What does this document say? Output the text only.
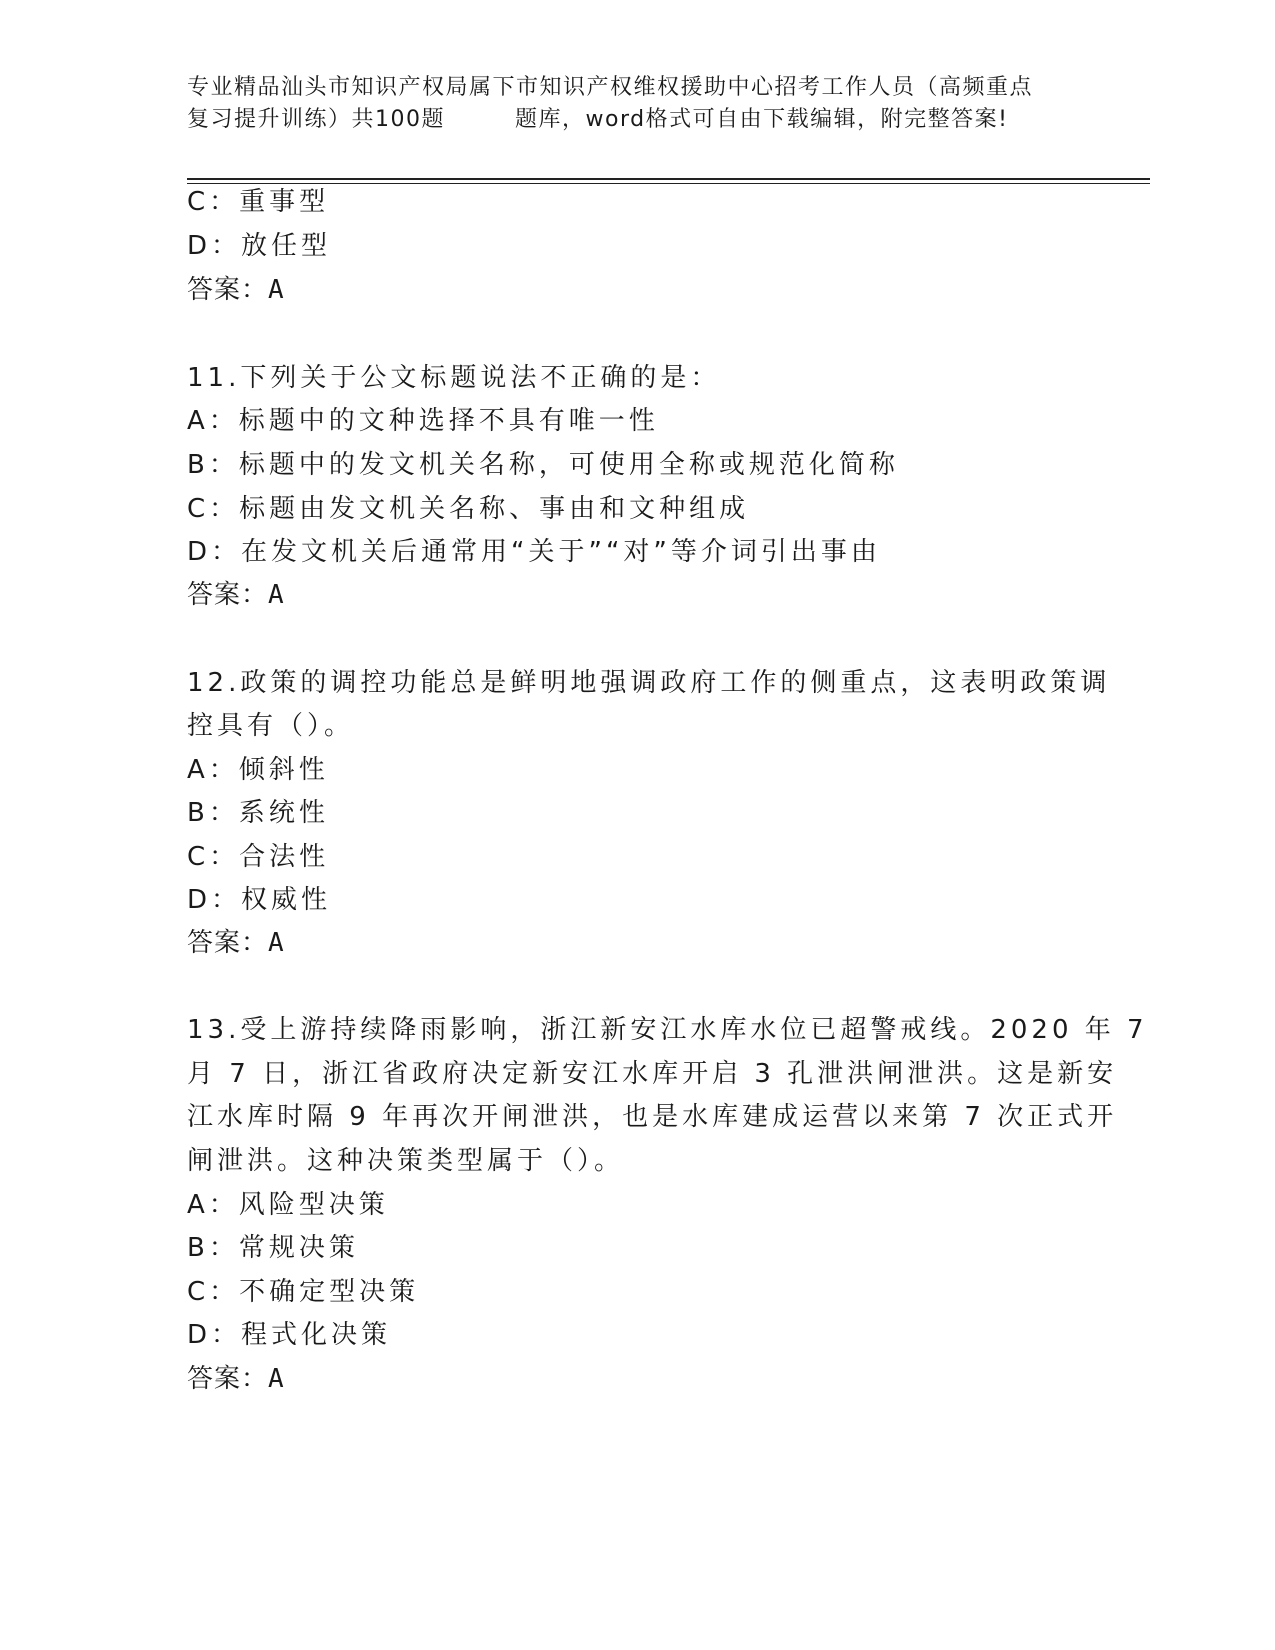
专业精品汕头市知识产权局属下市知识产权维权援助中心招考工作人员（高频重点
复习提升训练）共100题	题库，word格式可自由下载编辑，附完整答案!
C：重事型
D：放任型
答案：A
11.下列关于公文标题说法不正确的是：
A：标题中的文种选择不具有唯一性
B：标题中的发文机关名称，可使用全称或规范化简称
C：标题由发文机关名称、事由和文种组成
D：在发文机关后通常用“关于”“对”等介词引出事由
答案：A
12.政策的调控功能总是鲜明地强调政府工作的侧重点，这表明政策调
控具有（）。
A：倾斜性
B：系统性
C：合法性
D：权威性
答案：A
13.受上游持续降雨影响，浙江新安江水库水位已超警戒线。2020 年 7
月 7 日，浙江省政府决定新安江水库开启 3 孔泄洪闸泄洪。这是新安
江水库时隔 9 年再次开闸泄洪，也是水库建成运营以来第 7 次正式开
闸泄洪。这种决策类型属于（）。
A：风险型决策
B：常规决策
C：不确定型决策
D：程式化决策
答案：A
